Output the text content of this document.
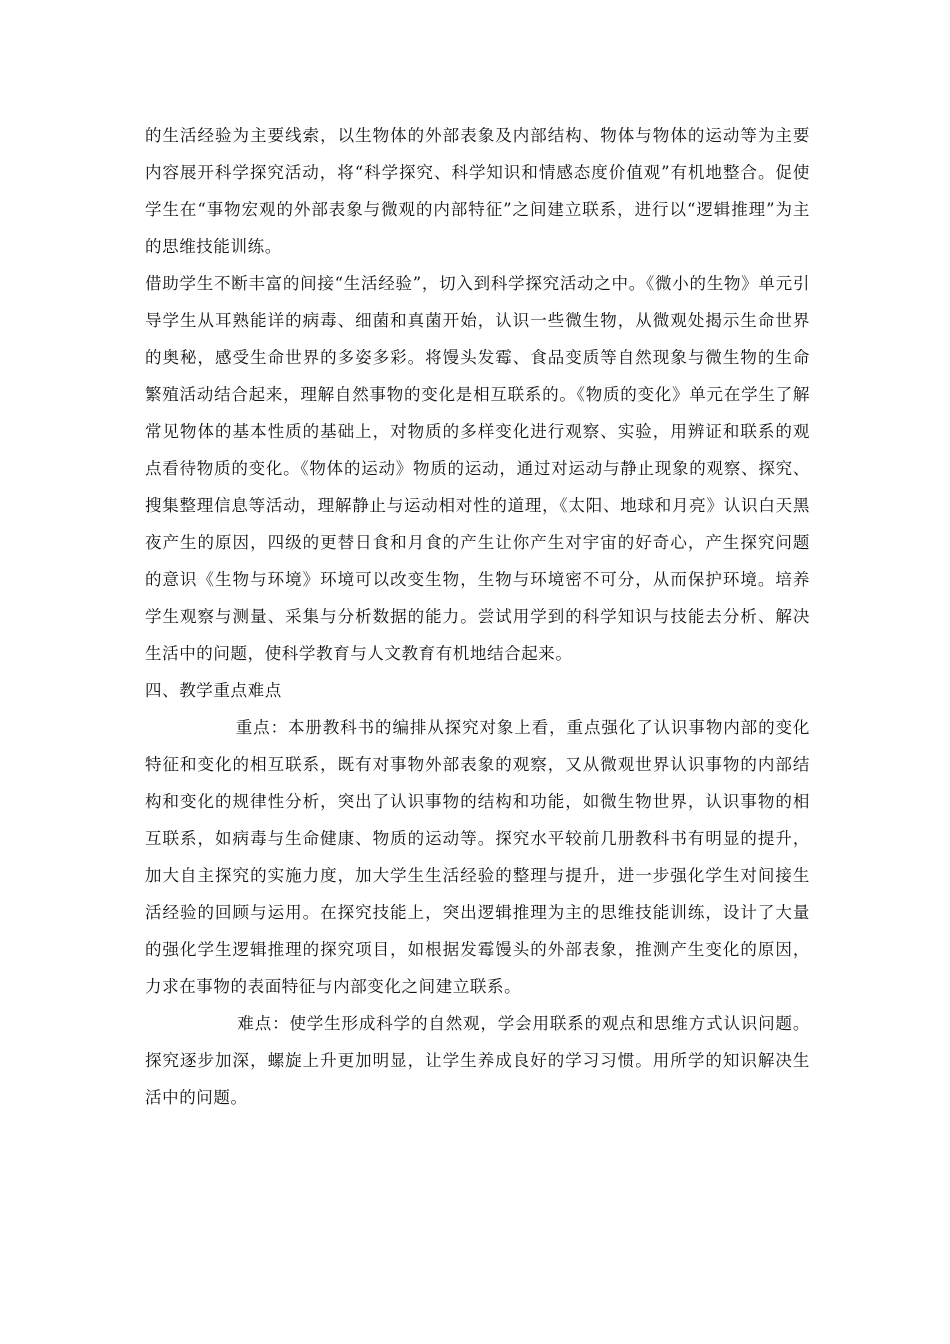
的生活经验为主要线索，以生物体的外部表象及内部结构、物体与物体的运动等为主要内容展开科学探究活动，将“科学探究、科学知识和情感态度价值观”有机地整合。促使学生在“事物宏观的外部表象与微观的内部特征”之间建立联系，进行以“逻辑推理”为主的思维技能训练。

借助学生不断丰富的间接“生活经验”，切入到科学探究活动之中。《微小的生物》单元引导学生从耳熟能详的病毒、细菌和真菌开始，认识一些微生物，从微观处揭示生命世界的奥秘，感受生命世界的多姿多彩。将馒头发霉、食品变质等自然现象与微生物的生命繁殖活动结合起来，理解自然事物的变化是相互联系的。《物质的变化》单元在学生了解常见物体的基本性质的基础上，对物质的多样变化进行观察、实验，用辨证和联系的观点看待物质的变化。《物体的运动》物质的运动，通过对运动与静止现象的观察、探究、搜集整理信息等活动，理解静止与运动相对性的道理，《太阳、地球和月亮》认识白天黑夜产生的原因，四级的更替日食和月食的产生让你产生对宇宙的好奇心，产生探究问题的意识《生物与环境》环境可以改变生物，生物与环境密不可分，从而保护环境。培养学生观察与测量、采集与分析数据的能力。尝试用学到的科学知识与技能去分析、解决生活中的问题，使科学教育与人文教育有机地结合起来。

四、教学重点难点

重点：本册教科书的编排从探究对象上看，重点强化了认识事物内部的变化特征和变化的相互联系，既有对事物外部表象的观察，又从微观世界认识事物的内部结构和变化的规律性分析，突出了认识事物的结构和功能，如微生物世界，认识事物的相互联系，如病毒与生命健康、物质的运动等。探究水平较前几册教科书有明显的提升，加大自主探究的实施力度，加大学生生活经验的整理与提升，进一步强化学生对间接生活经验的回顾与运用。在探究技能上，突出逻辑推理为主的思维技能训练，设计了大量的强化学生逻辑推理的探究项目，如根据发霉馒头的外部表象，推测产生变化的原因，力求在事物的表面特征与内部变化之间建立联系。

难点：使学生形成科学的自然观，学会用联系的观点和思维方式认识问题。探究逐步加深，螺旋上升更加明显，让学生养成良好的学习习惯。用所学的知识解决生活中的问题。
